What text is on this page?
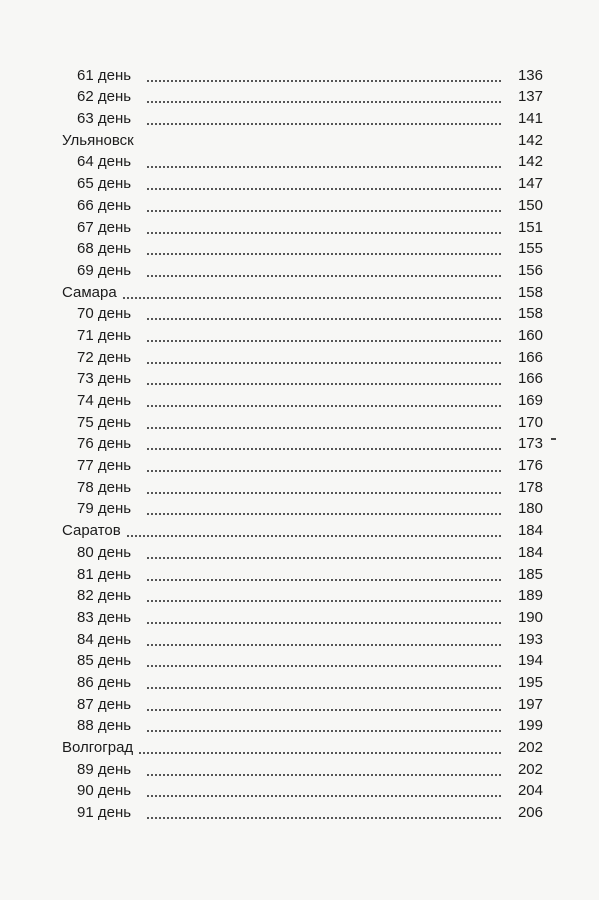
61 день	136
62 день	137
63 день	141
Ульяновск	142
64 день	142
65 день	147
66 день	150
67 день	151
68 день	155
69 день	156
Самара	158
70 день	158
71 день	160
72 день	166
73 день	166
74 день	169
75 день	170
76 день	173
77 день	176
78 день	178
79 день	180
Саратов	184
80 день	184
81 день	185
82 день	189
83 день	190
84 день	193
85 день	194
86 день	195
87 день	197
88 день	199
Волгоград	202
89 день	202
90 день	204
91 день	206
